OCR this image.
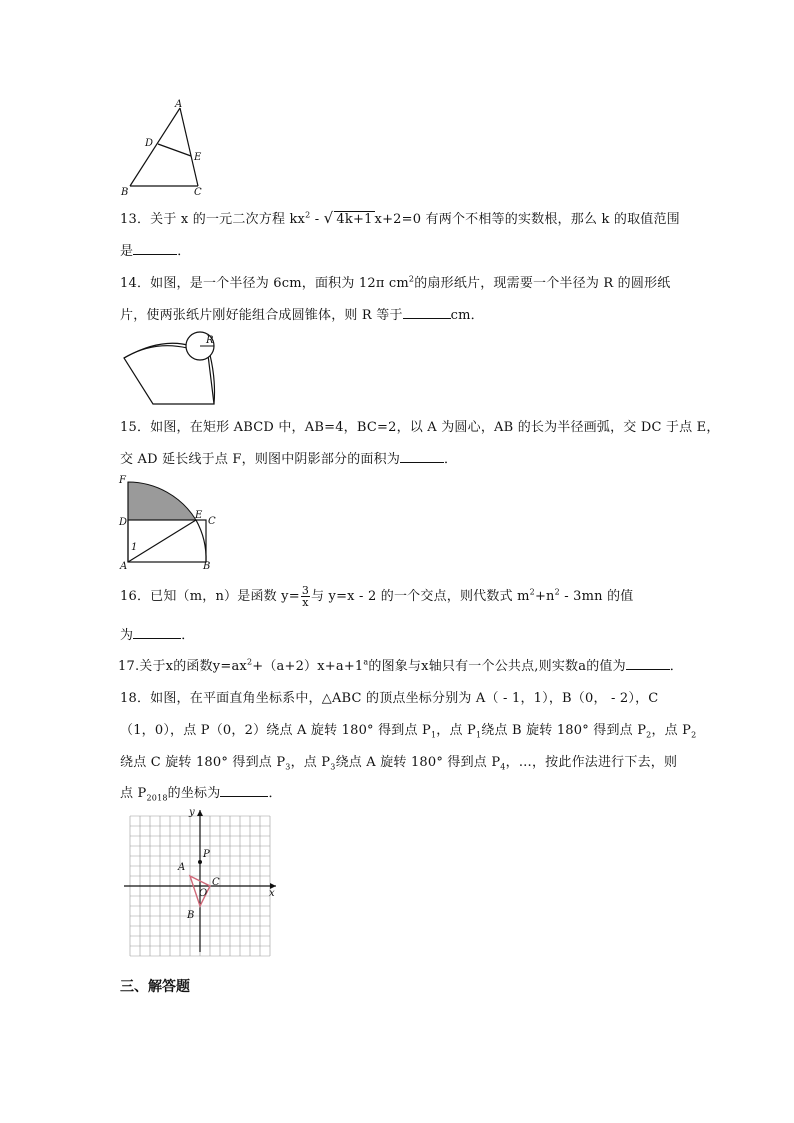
A
D
E
B	C
13．关于 x 的一元二次方程 $kx^2$ - √ 4k+1 x+2=0 有两个不相等的实数根，那么 k 的取值范围
是	．
14．如图，是一个半径为 6cm，面积为 12π $cm^2$的扇形纸片，现需要一个半径为 R 的圆形纸
片，使两张纸片刚好能组合成圆锥体，则 R 等于	cm．
R
15．如图，在矩形 ABCD 中，AB=4，BC=2，以 A 为圆心，AB 的长为半径画弧，交 DC 于点 E，
交 AD 延长线于点 F，则图中阴影部分的面积为	．
F
D
E
C
1
A	B
16．已知（m，n）是函数 $y= \frac{3}{x}$ 与 y=x - 2 的一个交点，则代数式 $m^2+n^2 - 3mn$ 的值
为	．
17.关于x的函数$y=ax^2+(a+2)x+a+1^a$的图象与x轴只有一个公共点,则实数a的值为	．
18．如图，在平面直角坐标系中，△ABC 的顶点坐标分别为 A（ - 1，1），B（0， - 2），C
（1，0），点 P（0，2）绕点 A 旋转 180° 得到点 $P_1$，点 $P_1$绕点 B 旋转 180° 得到点 $P_2$，点 $P_2$
绕点 C 旋转 180° 得到点 $P_3$，点 $P_3$绕点 A 旋转 180° 得到点 $P_4$，…，按此作法进行下去，则
点 $P_{2018}$的坐标为	．
y
x
P
A
O
C
B
三、解答题
